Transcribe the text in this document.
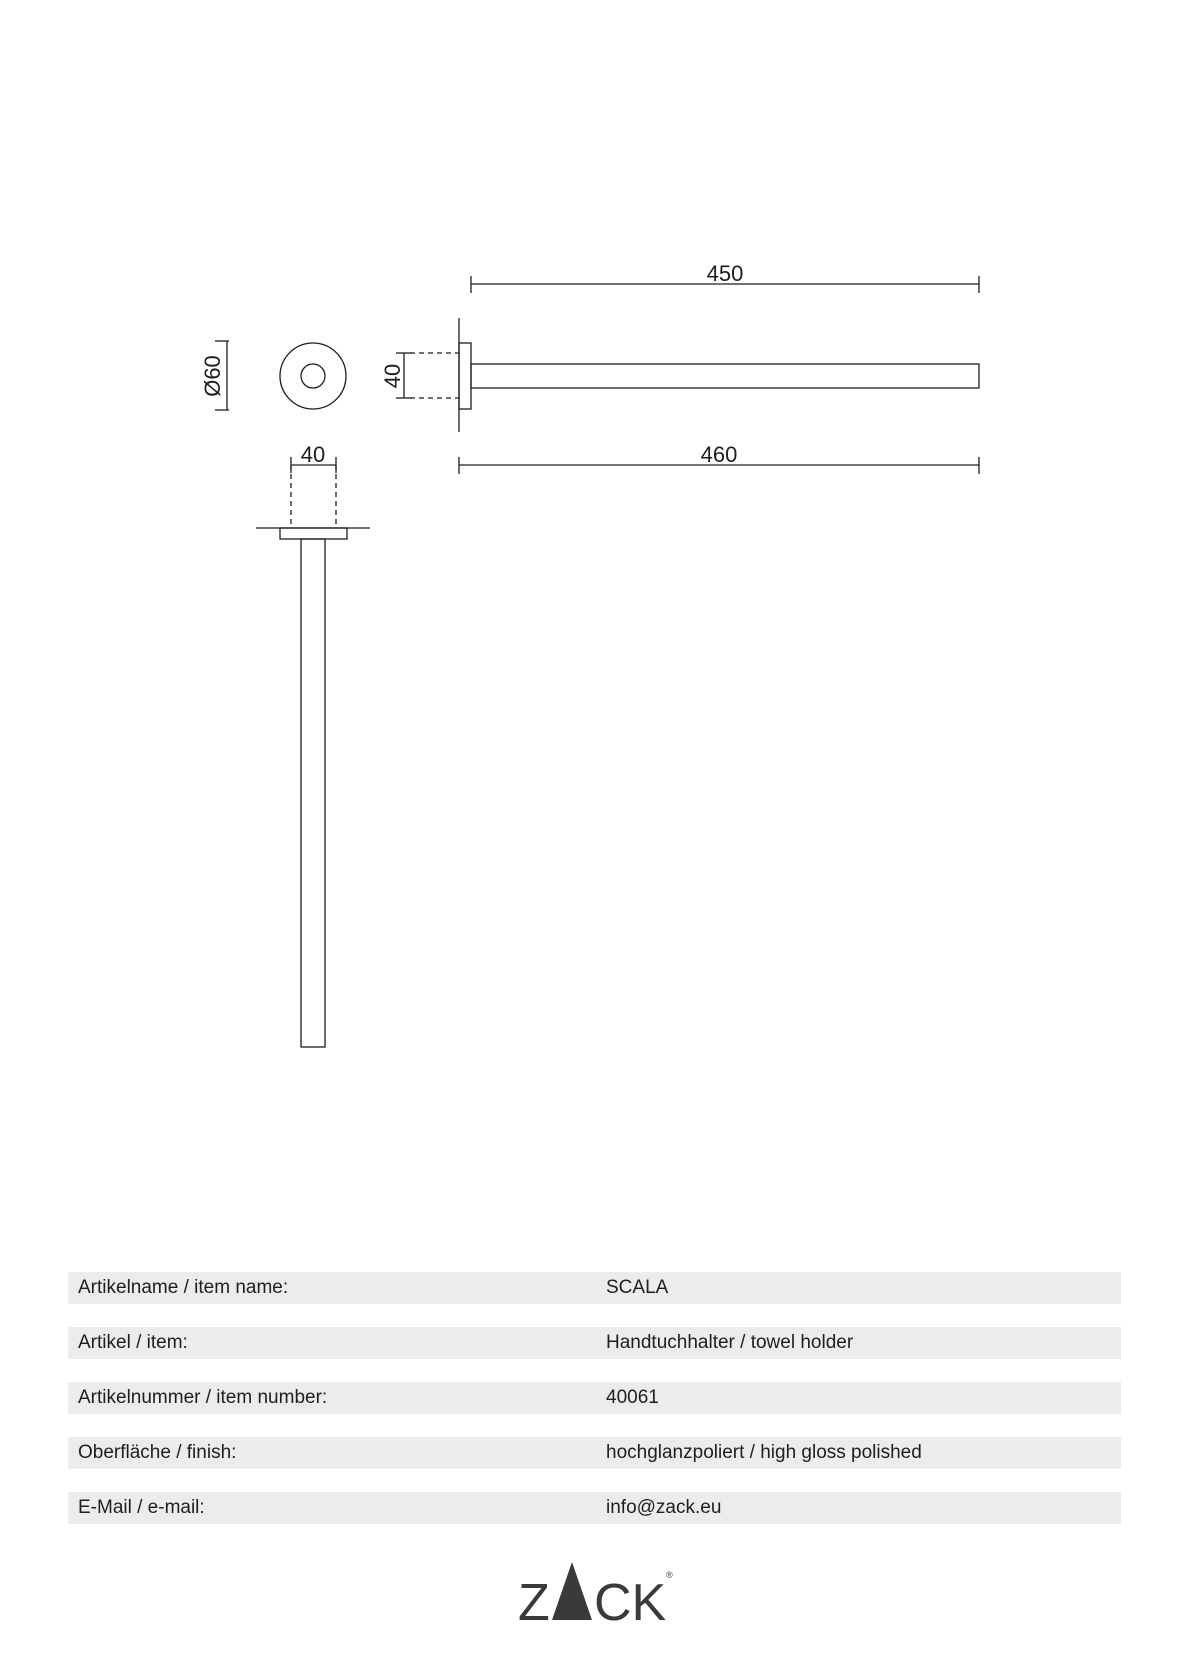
450
460
40
Ø60	40
Artikelname / item name:	SCALA
Artikel / item:	Handtuchhalter / towel holder
Artikelnummer / item number:	40061
Oberfläche / finish:	hochglanzpoliert / high gloss polished
E-Mail / e-mail:	info@zack.eu
Z CK ®
